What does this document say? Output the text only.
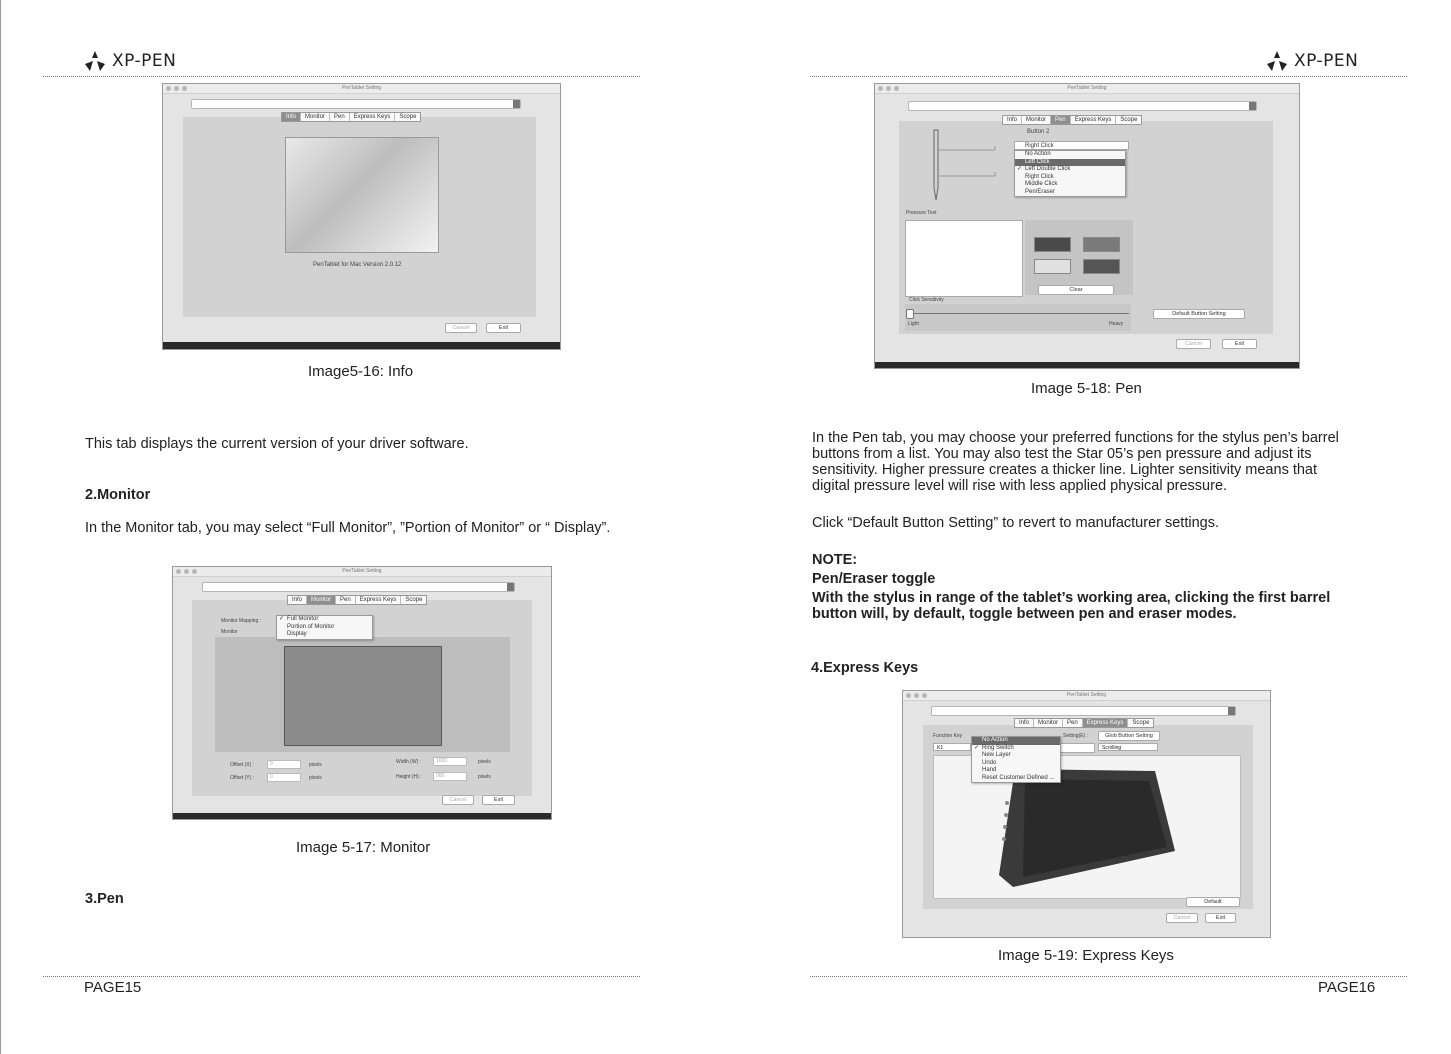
XP-PEN
PenTablet Setting
Info	Monitor	Pen	Express Keys	Scope
PenTablet for Mac Version 2.0.12
Cancel	Exit
Image5-16: Info
This tab displays the current version of your driver software.
2.Monitor
In the Monitor tab, you may select “Full Monitor”, ”Portion of Monitor” or “ Display”.
PenTablet Setting
Info	Monitor	Pen	Express Keys	Scope
Monitor Mapping :
Monitor
✓ Full Monitor
Portion of Monitor
Display
Offset (X) :	0	pixels
Offset (Y) :	0	pixels
Width (W) :	1600	pixels
Height (H) :	900	pixels
Cancel	Exit
Image 5-17: Monitor
3.Pen
PAGE15
XP-PEN
PenTablet Setting
Info	Monitor	Pen	Express Keys	Scope
Button 2
Right Click
No Action
Left Click
✓ Left Double Click
Right Click
Middle Click
Pen/Eraser
Pressure Test
Clear
Click Sensitivity
Light	Heavy
Default Button Setting
Cancel	Exit
Image 5-18: Pen
In the Pen tab, you may choose your preferred functions for the stylus pen’s barrel
buttons from a list. You may also test the Star 05’s pen pressure and adjust its
sensitivity. Higher pressure creates a thicker line. Lighter sensitivity means that
digital pressure level will rise with less applied physical pressure.
Click “Default Button Setting” to revert to manufacturer settings.
NOTE:
Pen/Eraser toggle
With the stylus in range of the tablet’s working area, clicking the first barrel
button will, by default, toggle between pen and eraser modes.
4.Express Keys
PenTablet Setting
Info	Monitor	Pen	Express Keys	Scope
Function Key
K1
Setting(E) :	Glob Button Setting
Scrolling
No Action
✓ Ring Switch
New Layer
Undo
Hand
Reset Customer Defined ...
Default
Cancel	Exit
Image 5-19: Express Keys
PAGE16
